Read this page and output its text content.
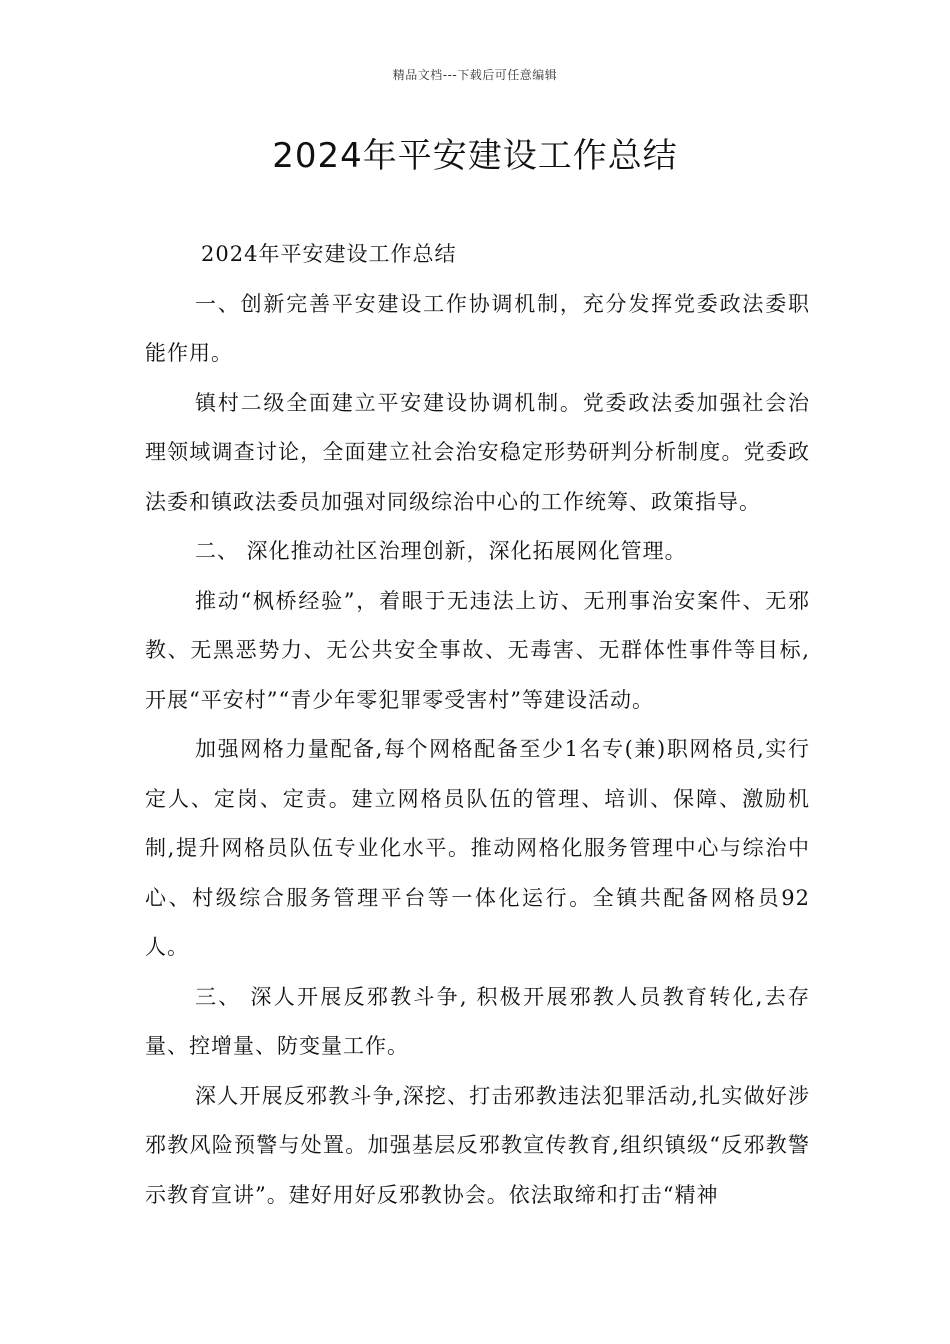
精品文档---下载后可任意编辑
2024年平安建设工作总结

2024年平安建设工作总结

一、创新完善平安建设工作协调机制，充分发挥党委政法委职能作用。

镇村二级全面建立平安建设协调机制。党委政法委加强社会治理领域调查讨论，全面建立社会治安稳定形势研判分析制度。党委政法委和镇政法委员加强对同级综治中心的工作统筹、政策指导。

二、 深化推动社区治理创新，深化拓展网化管理。

推动“枫桥经验”，着眼于无违法上访、无刑事治安案件、无邪教、无黑恶势力、无公共安全事故、无毒害、无群体性事件等目标,开展“平安村”“青少年零犯罪零受害村”等建设活动。

加强网格力量配备,每个网格配备至少1名专(兼)职网格员,实行定人、定岗、定责。建立网格员队伍的管理、培训、保障、激励机制,提升网格员队伍专业化水平。推动网格化服务管理中心与综治中心、村级综合服务管理平台等一体化运行。全镇共配备网格员92人。

三、 深人开展反邪教斗争, 积极开展邪教人员教育转化,去存量、控增量、防变量工作。

深人开展反邪教斗争,深挖、打击邪教违法犯罪活动,扎实做好涉邪教风险预警与处置。加强基层反邪教宣传教育,组织镇级“反邪教警示教育宣讲”。建好用好反邪教协会。依法取缔和打击“精神
